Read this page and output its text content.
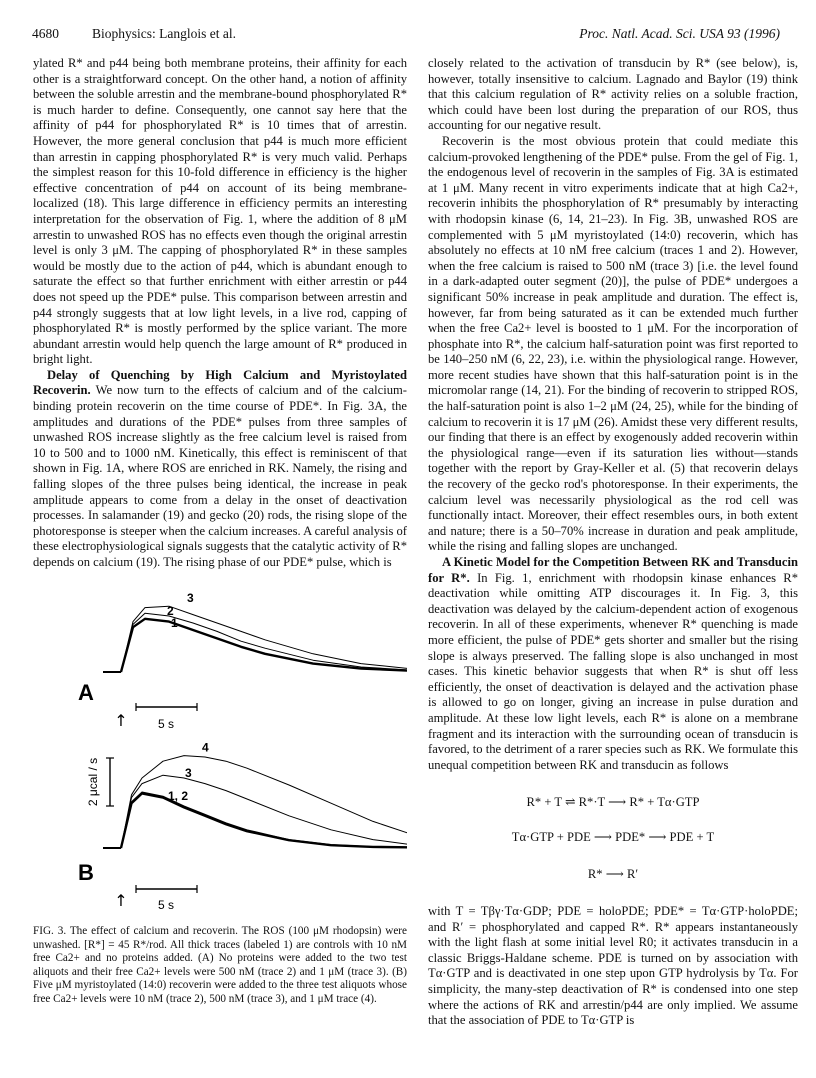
4680 Biophysics: Langlois et al.	Proc. Natl. Acad. Sci. USA 93 (1996)

ylated R* and p44 being both membrane proteins, their affinity for each other is a straightforward concept. On the other hand, a notion of affinity between the soluble arrestin and the membrane-bound phosphorylated R* is much harder to define. Consequently, one cannot say here that the affinity of p44 for phosphorylated R* is 10 times that of arrestin. However, the more general conclusion that p44 is much more efficient than arrestin in capping phosphorylated R* is very much valid. Perhaps the simplest reason for this 10-fold difference in efficiency is the higher effective concentration of p44 on account of its being membrane-localized (18). This large difference in efficiency permits an interesting interpretation for the observation of Fig. 1, where the addition of 8 μM arrestin to unwashed ROS has no effects even though the original arrestin level is only 3 μM. The capping of phosphorylated R* in these samples would be mostly due to the action of p44, which is abundant enough to saturate the effect so that further enrichment with either arrestin or p44 does not speed up the PDE* pulse. This comparison between arrestin and p44 strongly suggests that at low light levels, in a live rod, capping of phosphorylated R* is mostly performed by the splice variant. The more abundant arrestin would help quench the large amount of R* produced in bright light.

Delay of Quenching by High Calcium and Myristoylated Recoverin. We now turn to the effects of calcium and of the calcium-binding protein recoverin on the time course of PDE*. In Fig. 3A, the amplitudes and durations of the PDE* pulses from three samples of unwashed ROS increase slightly as the free calcium level is raised from 10 to 500 and to 1000 nM. Kinetically, this effect is reminiscent of that shown in Fig. 1A, where ROS are enriched in RK. Namely, the rising and falling slopes of the three pulses being identical, the increase in peak amplitude appears to come from a delay in the onset of deactivation processes. In salamander (19) and gecko (20) rods, the rising slope of the photoresponse is steeper when the calcium increases. A careful analysis of these electrophysiological signals suggests that the catalytic activity of R* depends on calcium (19). The rising phase of our PDE* pulse, which is

3
2
1
4
3
1, 2
A
B
↑
↑
5 s
5 s
2 μcal / s

FIG. 3. The effect of calcium and recoverin. The ROS (100 μM rhodopsin) were unwashed. [R*] = 45 R*/rod. All thick traces (labeled 1) are controls with 10 nM free Ca2+ and no proteins added. (A) No proteins were added to the two test aliquots and their free Ca2+ levels were 500 nM (trace 2) and 1 μM (trace 3). (B) Five μM myristoylated (14:0) recoverin were added to the three test aliquots whose free Ca2+ levels were 10 nM (trace 2), 500 nM (trace 3), and 1 μM trace (4).

closely related to the activation of transducin by R* (see below), is, however, totally insensitive to calcium. Lagnado and Baylor (19) think that this calcium regulation of R* activity relies on a soluble fraction, which could have been lost during the preparation of our ROS, thus accounting for our negative result.

Recoverin is the most obvious protein that could mediate this calcium-provoked lengthening of the PDE* pulse. From the gel of Fig. 1, the endogenous level of recoverin in the samples of Fig. 3A is estimated at 1 μM. Many recent in vitro experiments indicate that at high Ca2+, recoverin inhibits the phosphorylation of R* presumably by interacting with rhodopsin kinase (6, 14, 21–23). In Fig. 3B, unwashed ROS are complemented with 5 μM myristoylated (14:0) recoverin, which has absolutely no effects at 10 nM free calcium (traces 1 and 2). However, when the free calcium is raised to 500 nM (trace 3) [i.e. the level found in a dark-adapted outer segment (20)], the pulse of PDE* undergoes a significant 50% increase in peak amplitude and duration. The effect is, however, far from being saturated as it can be extended much further when the free Ca2+ level is boosted to 1 μM. For the incorporation of phosphate into R*, the calcium half-saturation point was first reported to be 140–250 nM (6, 22, 23), i.e. within the physiological range. However, more recent studies have shown that this half-saturation point is in the micromolar range (14, 21). For the binding of recoverin to stripped ROS, the half-saturation point is also 1–2 μM (24, 25), while for the binding of calcium to recoverin it is 17 μM (26). Amidst these very different results, our finding that there is an effect by exogenously added recoverin within the physiological range—even if its saturation lies without—stands together with the report by Gray-Keller et al. (5) that recoverin delays the recovery of the gecko rod's photoresponse. In their experiments, the calcium level was necessarily physiological as the rod cell was functionally intact. Moreover, their effect resembles ours, in both extent and nature; there is a 50–70% increase in duration and peak amplitude, while the rising and falling slopes are unchanged.

A Kinetic Model for the Competition Between RK and Transducin for R*. In Fig. 1, enrichment with rhodopsin kinase enhances R* deactivation while omitting ATP discourages it. In Fig. 3, this deactivation was delayed by the calcium-dependent action of exogenous recoverin. In all of these experiments, whenever R* quenching is made more efficient, the pulse of PDE* gets shorter and smaller but the rising slope is always preserved. The falling slope is also unchanged in most cases. This kinetic behavior suggests that when R* is shut off less efficiently, the onset of deactivation is delayed and the activation phase is allowed to go on longer, giving an increase in pulse duration and amplitude. At these low light levels, each R* is alone on a membrane fragment and its interaction with the surrounding ocean of transducin is favored, to the detriment of a rarer species such as RK. We formulate this unequal competition between RK and transducin as follows

R* + T ⇌ R*·T ⟶ R* + Tα·GTP
Tα·GTP + PDE ⟶ PDE* ⟶ PDE + T
R* ⟶ R′

with T = Tβγ·Tα·GDP; PDE = holoPDE; PDE* = Tα·GTP·holoPDE; and R′ = phosphorylated and capped R*. R* appears instantaneously with the light flash at some initial level R0; it activates transducin in a classic Briggs-Haldane scheme. PDE is turned on by association with Tα·GTP and is deactivated in one step upon GTP hydrolysis by Tα. For simplicity, the many-step deactivation of R* is condensed into one step where the actions of RK and arrestin/p44 are only implied. We assume that the association of PDE to Tα·GTP is
